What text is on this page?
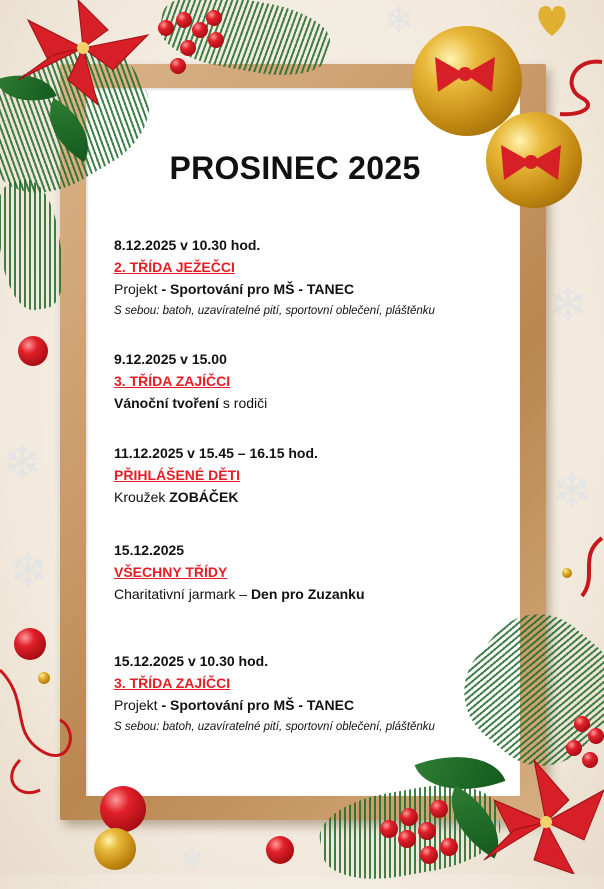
❄
❄
❄
❄
❄
❄
PROSINEC 2025
8.12.2025 v 10.30 hod.
2. TŘÍDA JEŽEČCI
Projekt - Sportování pro MŠ - TANEC
S sebou: batoh, uzavíratelné pití, sportovní oblečení, pláštěnku
9.12.2025 v 15.00
3. TŘÍDA ZAJÍČCI
Vánoční tvoření s rodiči
11.12.2025 v 15.45 – 16.15 hod.
PŘIHLÁŠENÉ DĚTI
Kroužek ZOBÁČEK
15.12.2025
VŠECHNY TŘÍDY
Charitativní jarmark – Den pro Zuzanku
15.12.2025 v 10.30 hod.
3. TŘÍDA ZAJÍČCI
Projekt - Sportování pro MŠ - TANEC
S sebou: batoh, uzavíratelné pití, sportovní oblečení, pláštěnku
